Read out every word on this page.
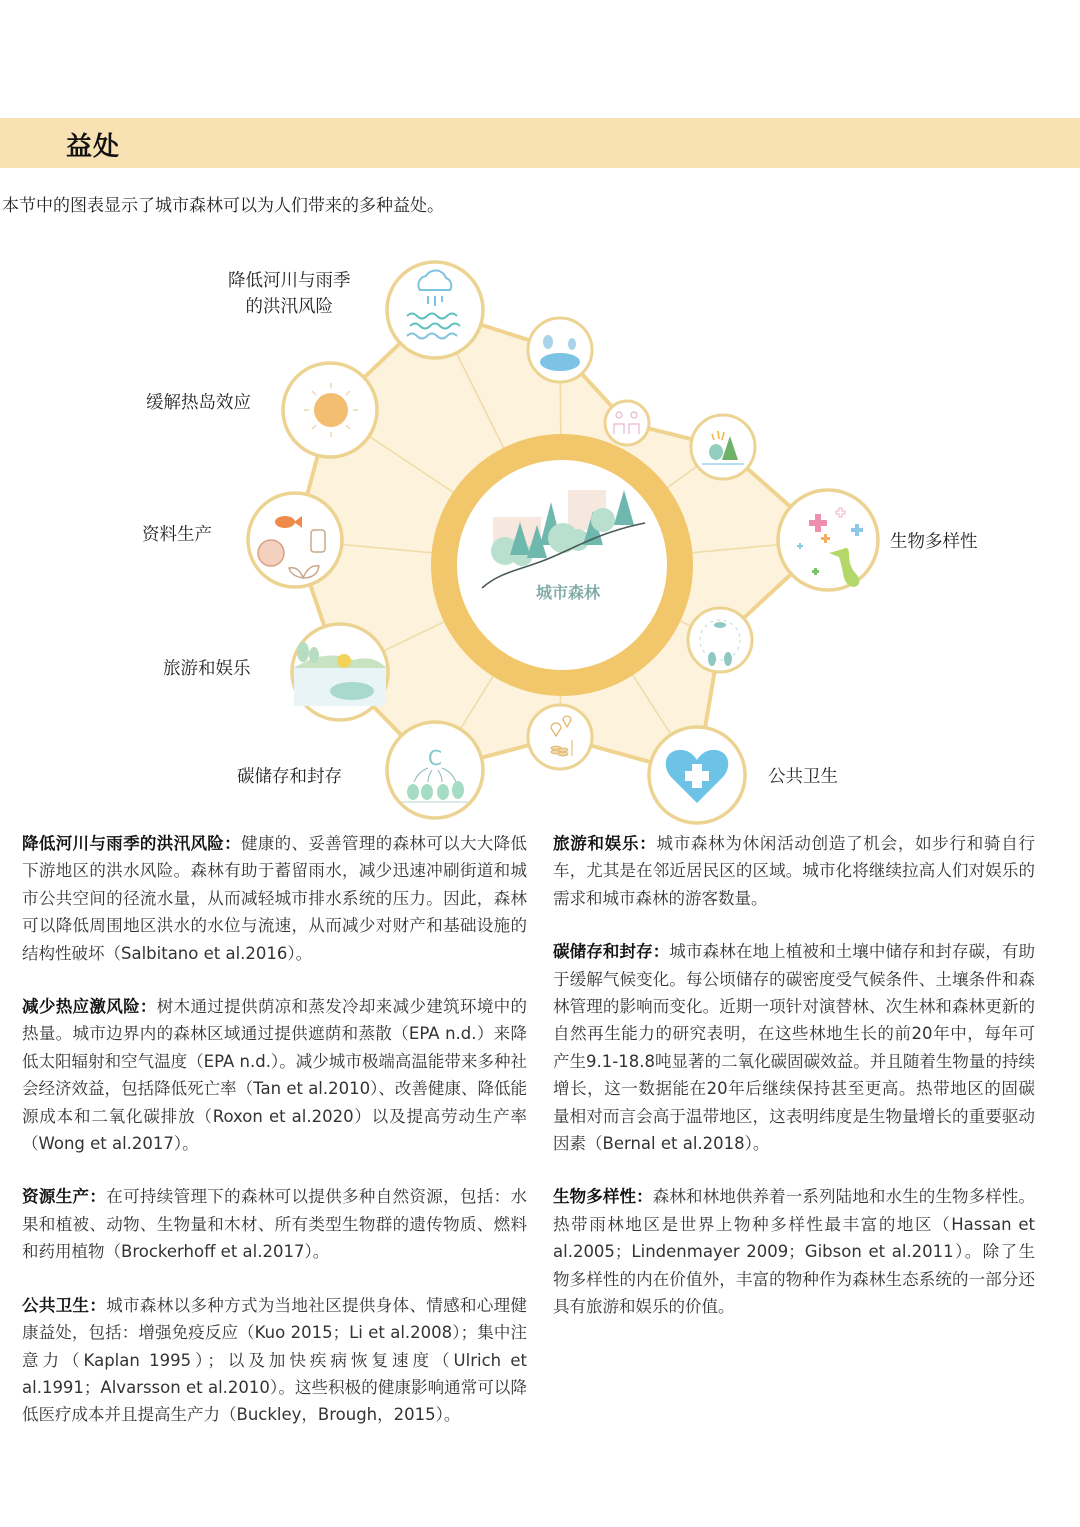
益处
本节中的图表显示了城市森林可以为人们带来的多种益处。
城市森林
C
降低河川与雨季
的洪汛风险
缓解热岛效应
资料生产
旅游和娱乐
碳储存和封存
生物多样性
公共卫生

降低河川与雨季的洪汛风险：健康的、妥善管理的森林可以大大降低下游地区的洪水风险。森林有助于蓄留雨水，减少迅速冲刷街道和城市公共空间的径流水量，从而减轻城市排水系统的压力。因此，森林可以降低周围地区洪水的水位与流速，从而减少对财产和基础设施的结构性破坏（Salbitano et al.2016）。

减少热应激风险：树木通过提供荫凉和蒸发冷却来减少建筑环境中的热量。城市边界内的森林区域通过提供遮荫和蒸散（EPA n.d.）来降低太阳辐射和空气温度（EPA n.d.）。减少城市极端高温能带来多种社会经济效益，包括降低死亡率（Tan et al.2010）、改善健康、降低能源成本和二氧化碳排放（Roxon et al.2020）以及提高劳动生产率（Wong et al.2017）。

资源生产：在可持续管理下的森林可以提供多种自然资源，包括：水果和植被、动物、生物量和木材、所有类型生物群的遗传物质、燃料和药用植物（Brockerhoff et al.2017）。

公共卫生：城市森林以多种方式为当地社区提供身体、情感和心理健康益处，包括：增强免疫反应（Kuo 2015；Li et al.2008）；集中注意力（Kaplan 1995）；以及加快疾病恢复速度（Ulrich et al.1991；Alvarsson et al.2010）。这些积极的健康影响通常可以降低医疗成本并且提高生产力（Buckley，Brough，2015）。

旅游和娱乐：城市森林为休闲活动创造了机会，如步行和骑自行车，尤其是在邻近居民区的区域。城市化将继续拉高人们对娱乐的需求和城市森林的游客数量。

碳储存和封存：城市森林在地上植被和土壤中储存和封存碳，有助于缓解气候变化。每公顷储存的碳密度受气候条件、土壤条件和森林管理的影响而变化。近期一项针对演替林、次生林和森林更新的自然再生能力的研究表明，在这些林地生长的前20年中，每年可产生9.1-18.8吨显著的二氧化碳固碳效益。并且随着生物量的持续增长，这一数据能在20年后继续保持甚至更高。热带地区的固碳量相对而言会高于温带地区，这表明纬度是生物量增长的重要驱动因素（Bernal et al.2018）。

生物多样性：森林和林地供养着一系列陆地和水生的生物多样性。热带雨林地区是世界上物种多样性最丰富的地区（Hassan et al.2005；Lindenmayer 2009；Gibson et al.2011）。除了生物多样性的内在价值外，丰富的物种作为森林生态系统的一部分还具有旅游和娱乐的价值。
